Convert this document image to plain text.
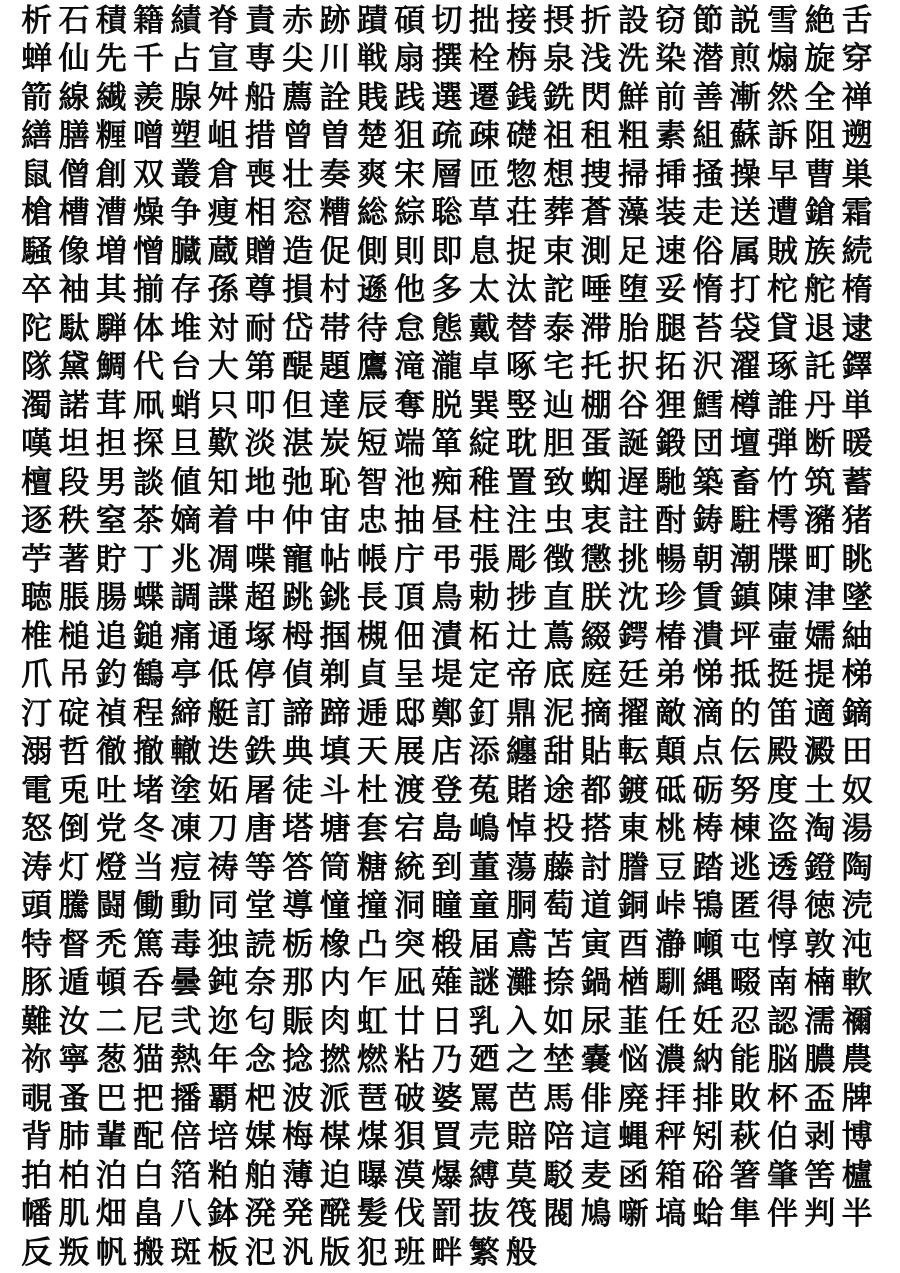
析 石 積 籍 績 脊 責 赤 跡 蹟 碩 切 拙 接 摂 折 設 窃 節 説 雪 絶 舌
蝉 仙 先 千 占 宣 専 尖 川 戦 扇 撰 栓 栴 泉 浅 洗 染 潜 煎 煽 旋 穿
箭 線 繊 羨 腺 舛 船 薦 詮 賎 践 選 遷 銭 銑 閃 鮮 前 善 漸 然 全 禅
繕 膳 糎 噌 塑 岨 措 曾 曽 楚 狙 疏 疎 礎 祖 租 粗 素 組 蘇 訴 阻 遡
鼠 僧 創 双 叢 倉 喪 壮 奏 爽 宋 層 匝 惣 想 捜 掃 挿 掻 操 早 曹 巣
槍 槽 漕 燥 争 痩 相 窓 糟 総 綜 聡 草 荘 葬 蒼 藻 装 走 送 遭 鎗 霜
騒 像 増 憎 臓 蔵 贈 造 促 側 則 即 息 捉 束 測 足 速 俗 属 賊 族 続
卒 袖 其 揃 存 孫 尊 損 村 遜 他 多 太 汰 詑 唾 堕 妥 惰 打 柁 舵 楕
陀 駄 騨 体 堆 対 耐 岱 帯 待 怠 態 戴 替 泰 滞 胎 腿 苔 袋 貸 退 逮
隊 黛 鯛 代 台 大 第 醍 題 鷹 滝 瀧 卓 啄 宅 托 択 拓 沢 濯 琢 託 鐸
濁 諾 茸 凧 蛸 只 叩 但 達 辰 奪 脱 巽 竪 辿 棚 谷 狸 鱈 樽 誰 丹 単
嘆 坦 担 探 旦 歎 淡 湛 炭 短 端 箪 綻 耽 胆 蛋 誕 鍛 団 壇 弾 断 暖
檀 段 男 談 値 知 地 弛 恥 智 池 痴 稚 置 致 蜘 遅 馳 築 畜 竹 筑 蓄
逐 秩 窒 茶 嫡 着 中 仲 宙 忠 抽 昼 柱 注 虫 衷 註 酎 鋳 駐 樗 瀦 猪
苧 著 貯 丁 兆 凋 喋 寵 帖 帳 庁 弔 張 彫 徴 懲 挑 暢 朝 潮 牒 町 眺
聴 脹 腸 蝶 調 諜 超 跳 銚 長 頂 鳥 勅 捗 直 朕 沈 珍 賃 鎮 陳 津 墜
椎 槌 追 鎚 痛 通 塚 栂 掴 槻 佃 漬 柘 辻 蔦 綴 鍔 椿 潰 坪 壷 嬬 紬
爪 吊 釣 鶴 亭 低 停 偵 剃 貞 呈 堤 定 帝 底 庭 廷 弟 悌 抵 挺 提 梯
汀 碇 禎 程 締 艇 訂 諦 蹄 逓 邸 鄭 釘 鼎 泥 摘 擢 敵 滴 的 笛 適 鏑
溺 哲 徹 撤 轍 迭 鉄 典 填 天 展 店 添 纏 甜 貼 転 顛 点 伝 殿 澱 田
電 兎 吐 堵 塗 妬 屠 徒 斗 杜 渡 登 菟 賭 途 都 鍍 砥 砺 努 度 土 奴
怒 倒 党 冬 凍 刀 唐 塔 塘 套 宕 島 嶋 悼 投 搭 東 桃 梼 棟 盗 淘 湯
涛 灯 燈 当 痘 祷 等 答 筒 糖 統 到 董 蕩 藤 討 謄 豆 踏 逃 透 鐙 陶
頭 騰 闘 働 動 同 堂 導 憧 撞 洞 瞳 童 胴 萄 道 銅 峠 鴇 匿 得 徳 涜
特 督 禿 篤 毒 独 読 栃 橡 凸 突 椴 届 鳶 苫 寅 酉 瀞 噸 屯 惇 敦 沌
豚 遁 頓 呑 曇 鈍 奈 那 内 乍 凪 薙 謎 灘 捺 鍋 楢 馴 縄 畷 南 楠 軟
難 汝 二 尼 弐 迩 匂 賑 肉 虹 廿 日 乳 入 如 尿 韮 任 妊 忍 認 濡 禰
祢 寧 葱 猫 熱 年 念 捻 撚 燃 粘 乃 廼 之 埜 嚢 悩 濃 納 能 脳 膿 農
覗 蚤 巴 把 播 覇 杷 波 派 琶 破 婆 罵 芭 馬 俳 廃 拝 排 敗 杯 盃 牌
背 肺 輩 配 倍 培 媒 梅 楳 煤 狽 買 売 賠 陪 這 蝿 秤 矧 萩 伯 剥 博
拍 柏 泊 白 箔 粕 舶 薄 迫 曝 漠 爆 縛 莫 駁 麦 函 箱 硲 箸 肇 筈 櫨
幡 肌 畑 畠 八 鉢 溌 発 醗 髪 伐 罰 抜 筏 閥 鳩 噺 塙 蛤 隼 伴 判 半
反 叛 帆 搬 斑 板 氾 汎 版 犯 班 畔 繁 般
